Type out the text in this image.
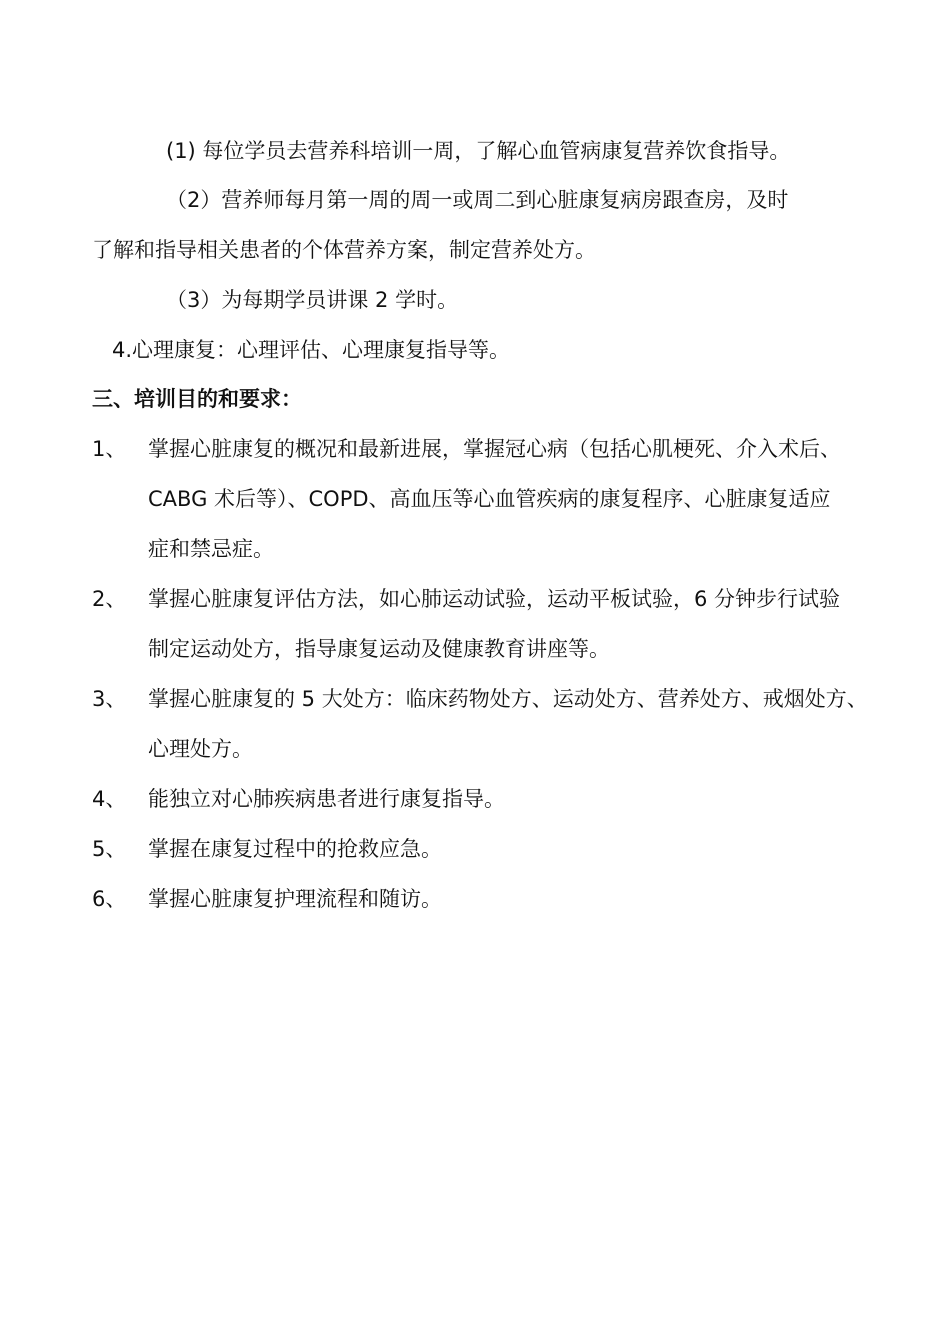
(1) 每位学员去营养科培训一周，了解心血管病康复营养饮食指导。
（2）营养师每月第一周的周一或周二到心脏康复病房跟查房，及时
了解和指导相关患者的个体营养方案，制定营养处方。
（3）为每期学员讲课 2 学时。
4.心理康复：心理评估、心理康复指导等。
三、培训目的和要求：
1、 掌握心脏康复的概况和最新进展，掌握冠心病（包括心肌梗死、介入术后、
CABG 术后等）、COPD、高血压等心血管疾病的康复程序、心脏康复适应
症和禁忌症。
2、 掌握心脏康复评估方法，如心肺运动试验，运动平板试验，6 分钟步行试验
制定运动处方，指导康复运动及健康教育讲座等。
3、 掌握心脏康复的 5 大处方：临床药物处方、运动处方、营养处方、戒烟处方、
心理处方。
4、 能独立对心肺疾病患者进行康复指导。
5、 掌握在康复过程中的抢救应急。
6、 掌握心脏康复护理流程和随访。
